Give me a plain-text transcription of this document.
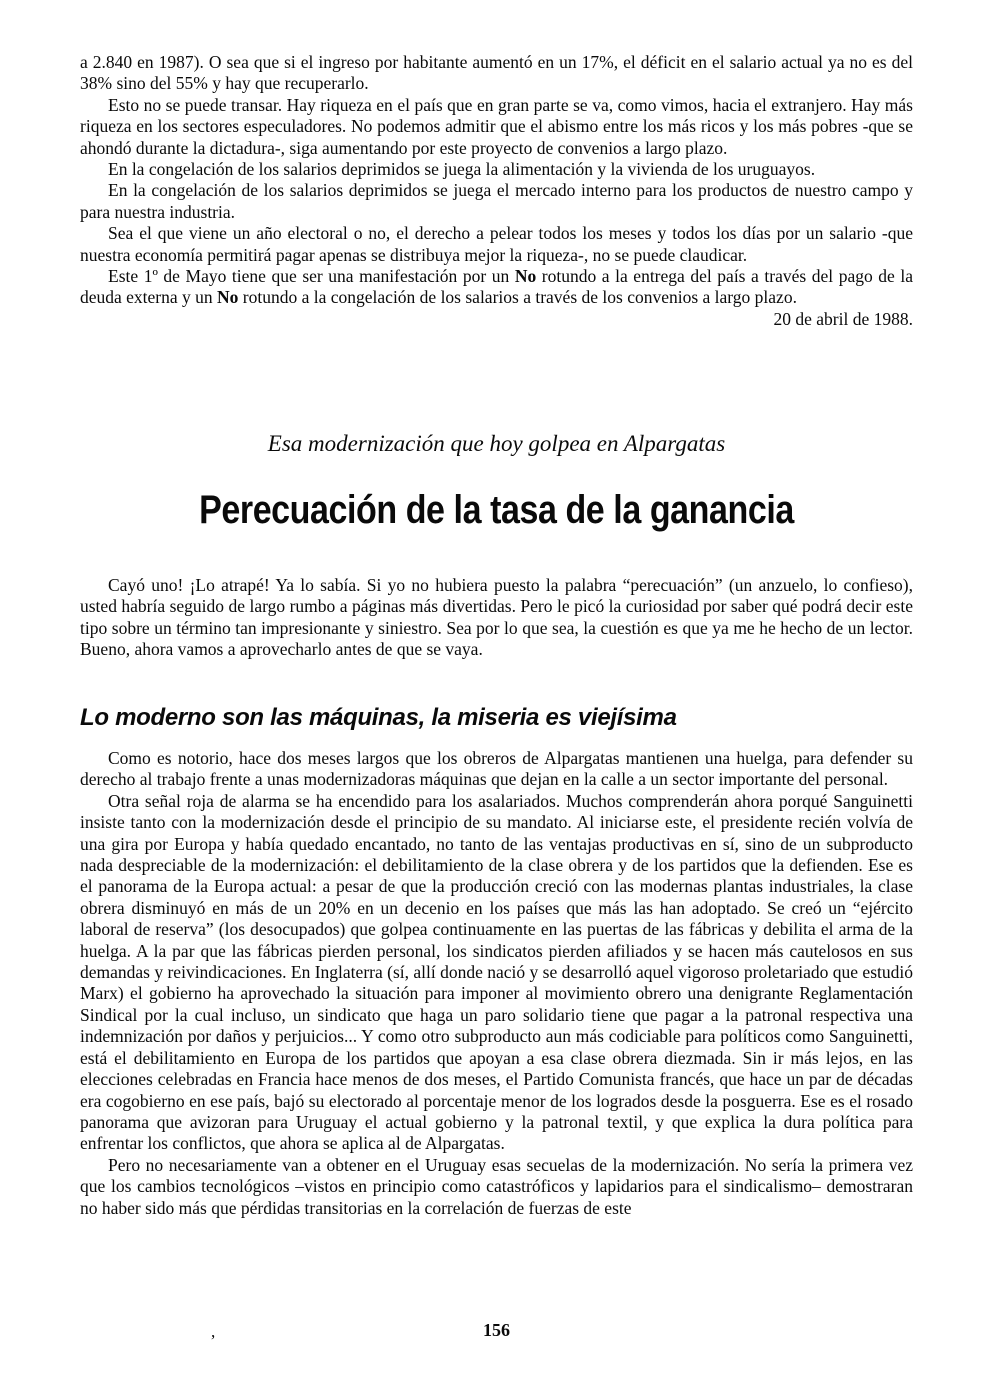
a 2.840 en 1987). O sea que si el ingreso por habitante aumentó en un 17%, el déficit en el salario actual ya no es del 38% sino del 55% y hay que recuperarlo.

Esto no se puede transar. Hay riqueza en el país que en gran parte se va, como vimos, hacia el extranjero. Hay más riqueza en los sectores especuladores. No podemos admitir que el abismo entre los más ricos y los más pobres -que se ahondó durante la dictadura-, siga aumentando por este proyecto de convenios a largo plazo.

En la congelación de los salarios deprimidos se juega la alimentación y la vivienda de los uruguayos.

En la congelación de los salarios deprimidos se juega el mercado interno para los productos de nuestro campo y para nuestra industria.

Sea el que viene un año electoral o no, el derecho a pelear todos los meses y todos los días por un salario -que nuestra economía permitirá pagar apenas se distribuya mejor la riqueza-, no se puede claudicar.

Este 1º de Mayo tiene que ser una manifestación por un No rotundo a la entrega del país a través del pago de la deuda externa y un No rotundo a la congelación de los salarios a través de los convenios a largo plazo.

20 de abril de 1988.

Esa modernización que hoy golpea en Alpargatas
Perecuación de la tasa de la ganancia

Cayó uno! ¡Lo atrapé! Ya lo sabía. Si yo no hubiera puesto la palabra “perecuación” (un anzuelo, lo confieso), usted habría seguido de largo rumbo a páginas más divertidas. Pero le picó la curiosidad por saber qué podrá decir este tipo sobre un término tan impresionante y siniestro. Sea por lo que sea, la cuestión es que ya me he hecho de un lector. Bueno, ahora vamos a aprovecharlo antes de que se vaya.

Lo moderno son las máquinas, la miseria es viejísima

Como es notorio, hace dos meses largos que los obreros de Alpargatas mantienen una huelga, para defender su derecho al trabajo frente a unas modernizadoras máquinas que dejan en la calle a un sector importante del personal.

Otra señal roja de alarma se ha encendido para los asalariados. Muchos comprenderán ahora porqué Sanguinetti insiste tanto con la modernización desde el principio de su mandato. Al iniciarse este, el presidente recién volvía de una gira por Europa y había quedado encantado, no tanto de las ventajas productivas en sí, sino de un subproducto nada despreciable de la modernización: el debilitamiento de la clase obrera y de los partidos que la defienden. Ese es el panorama de la Europa actual: a pesar de que la producción creció con las modernas plantas industriales, la clase obrera disminuyó en más de un 20% en un decenio en los países que más las han adoptado. Se creó un “ejército laboral de reserva” (los desocupados) que golpea continuamente en las puertas de las fábricas y debilita el arma de la huelga. A la par que las fábricas pierden personal, los sindicatos pierden afiliados y se hacen más cautelosos en sus demandas y reivindicaciones. En Inglaterra (sí, allí donde nació y se desarrolló aquel vigoroso proletariado que estudió Marx) el gobierno ha aprovechado la situación para imponer al movimiento obrero una denigrante Reglamentación Sindical por la cual incluso, un sindicato que haga un paro solidario tiene que pagar a la patronal respectiva una indemnización por daños y perjuicios... Y como otro subproducto aun más codiciable para políticos como Sanguinetti, está el debilitamiento en Europa de los partidos que apoyan a esa clase obrera diezmada. Sin ir más lejos, en las elecciones celebradas en Francia hace menos de dos meses, el Partido Comunista francés, que hace un par de décadas era cogobierno en ese país, bajó su electorado al porcentaje menor de los logrados desde la posguerra. Ese es el rosado panorama que avizoran para Uruguay el actual gobierno y la patronal textil, y que explica la dura política para enfrentar los conflictos, que ahora se aplica al de Alpargatas.

Pero no necesariamente van a obtener en el Uruguay esas secuelas de la modernización. No sería la primera vez que los cambios tecnológicos –vistos en principio como catastróficos y lapidarios para el sindicalismo– demostraran no haber sido más que pérdidas transitorias en la correlación de fuerzas de este

,	156
